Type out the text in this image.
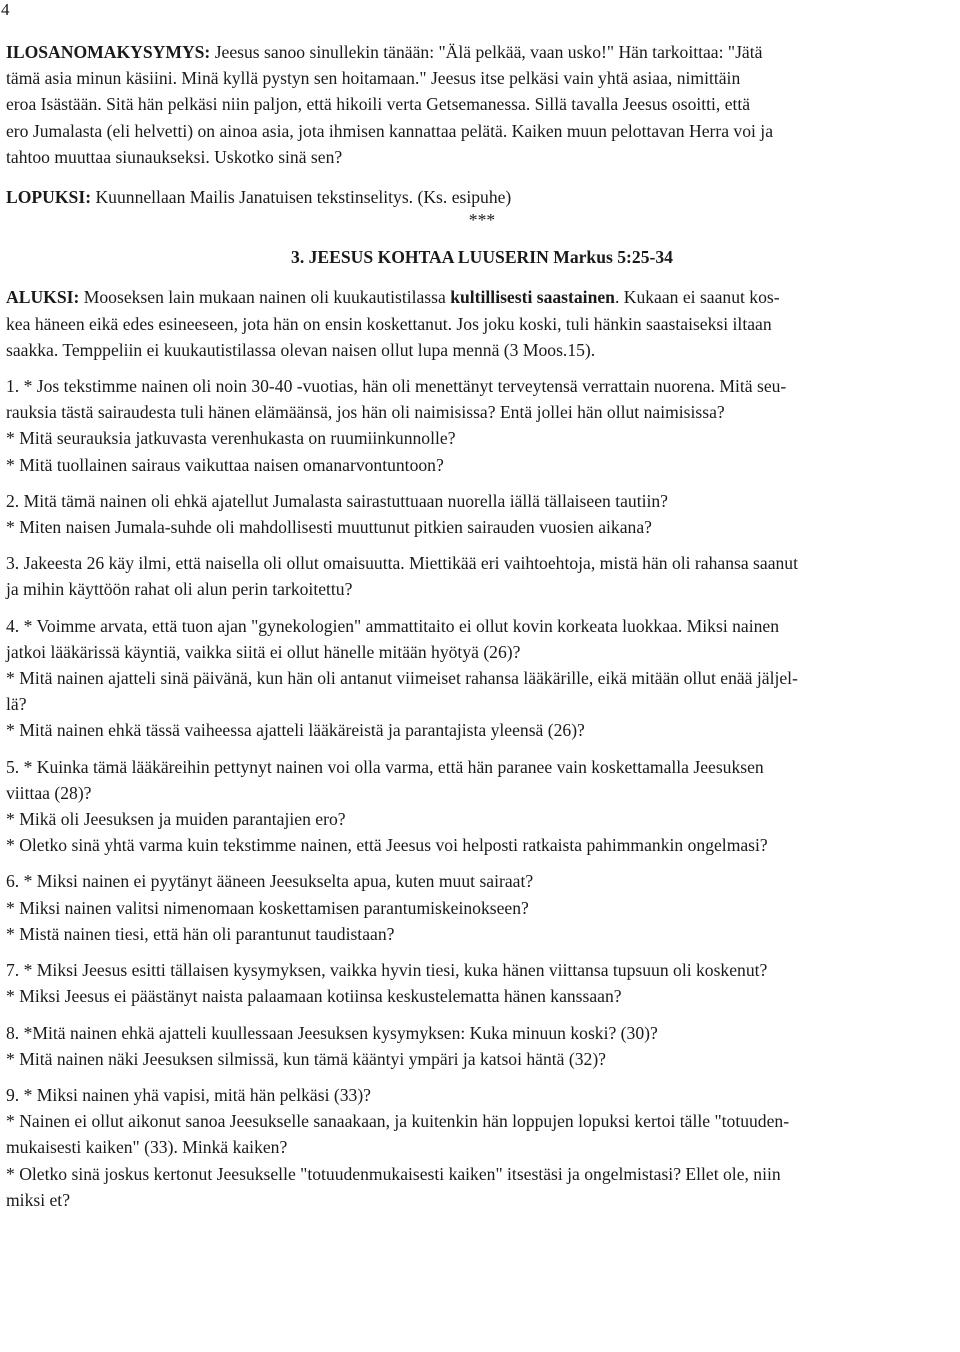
4

ILOSANOMAKYSYMYS: Jeesus sanoo sinullekin tänään: "Älä pelkää, vaan usko!" Hän tarkoittaa: "Jätä

tämä asia minun käsiini. Minä kyllä pystyn sen hoitamaan." Jeesus itse pelkäsi vain yhtä asiaa, nimittäin

eroa Isästään. Sitä hän pelkäsi niin paljon, että hikoili verta Getsemanessa. Sillä tavalla Jeesus osoitti, että

ero Jumalasta (eli helvetti) on ainoa asia, jota ihmisen kannattaa pelätä. Kaiken muun pelottavan Herra voi ja

tahtoo muuttaa siunaukseksi. Uskotko sinä sen?

LOPUKSI: Kuunnellaan Mailis Janatuisen tekstinselitys. (Ks. esipuhe)

***

3. JEESUS KOHTAA LUUSERIN Markus 5:25-34

ALUKSI: Mooseksen lain mukaan nainen oli kuukautistilassa kultillisesti saastainen. Kukaan ei saanut kos-

kea häneen eikä edes esineeseen, jota hän on ensin koskettanut. Jos joku koski, tuli hänkin saastaiseksi iltaan

saakka. Temppeliin ei kuukautistilassa olevan naisen ollut lupa mennä (3 Moos.15).

1. * Jos tekstimme nainen oli noin 30-40 -vuotias, hän oli menettänyt terveytensä verrattain nuorena. Mitä seu-

rauksia tästä sairaudesta tuli hänen elämäänsä, jos hän oli naimisissa? Entä jollei hän ollut naimisissa?

* Mitä seurauksia jatkuvasta verenhukasta on ruumiinkunnolle?

* Mitä tuollainen sairaus vaikuttaa naisen omanarvontuntoon?

2. Mitä tämä nainen oli ehkä ajatellut Jumalasta sairastuttuaan nuorella iällä tällaiseen tautiin?

* Miten naisen Jumala-suhde oli mahdollisesti muuttunut pitkien sairauden vuosien aikana?

3. Jakeesta 26 käy ilmi, että naisella oli ollut omaisuutta. Miettikää eri vaihtoehtoja, mistä hän oli rahansa saanut

ja mihin käyttöön rahat oli alun perin tarkoitettu?

4. * Voimme arvata, että tuon ajan "gynekologien" ammattitaito ei ollut kovin korkeata luokkaa. Miksi nainen

jatkoi lääkärissä käyntiä, vaikka siitä ei ollut hänelle mitään hyötyä (26)?

* Mitä nainen ajatteli sinä päivänä, kun hän oli antanut viimeiset rahansa lääkärille, eikä mitään ollut enää jäljel-

lä?

* Mitä nainen ehkä tässä vaiheessa ajatteli lääkäreistä ja parantajista yleensä (26)?

5. * Kuinka tämä lääkäreihin pettynyt nainen voi olla varma, että hän paranee vain koskettamalla Jeesuksen

viittaa (28)?

* Mikä oli Jeesuksen ja muiden parantajien ero?

* Oletko sinä yhtä varma kuin tekstimme nainen, että Jeesus voi helposti ratkaista pahimmankin ongelmasi?

6. * Miksi nainen ei pyytänyt ääneen Jeesukselta apua, kuten muut sairaat?

* Miksi nainen valitsi nimenomaan koskettamisen parantumiskeinokseen?

* Mistä nainen tiesi, että hän oli parantunut taudistaan?

7. * Miksi Jeesus esitti tällaisen kysymyksen, vaikka hyvin tiesi, kuka hänen viittansa tupsuun oli koskenut?

* Miksi Jeesus ei päästänyt naista palaamaan kotiinsa keskustelematta hänen kanssaan?

8. *Mitä nainen ehkä ajatteli kuullessaan Jeesuksen kysymyksen: Kuka minuun koski? (30)?

* Mitä nainen näki Jeesuksen silmissä, kun tämä kääntyi ympäri ja katsoi häntä (32)?

9. * Miksi nainen yhä vapisi, mitä hän pelkäsi (33)?

* Nainen ei ollut aikonut sanoa Jeesukselle sanaakaan, ja kuitenkin hän loppujen lopuksi kertoi tälle "totuuden-

mukaisesti kaiken" (33). Minkä kaiken?

* Oletko sinä joskus kertonut Jeesukselle "totuudenmukaisesti kaiken" itsestäsi ja ongelmistasi? Ellet ole, niin

miksi et?
